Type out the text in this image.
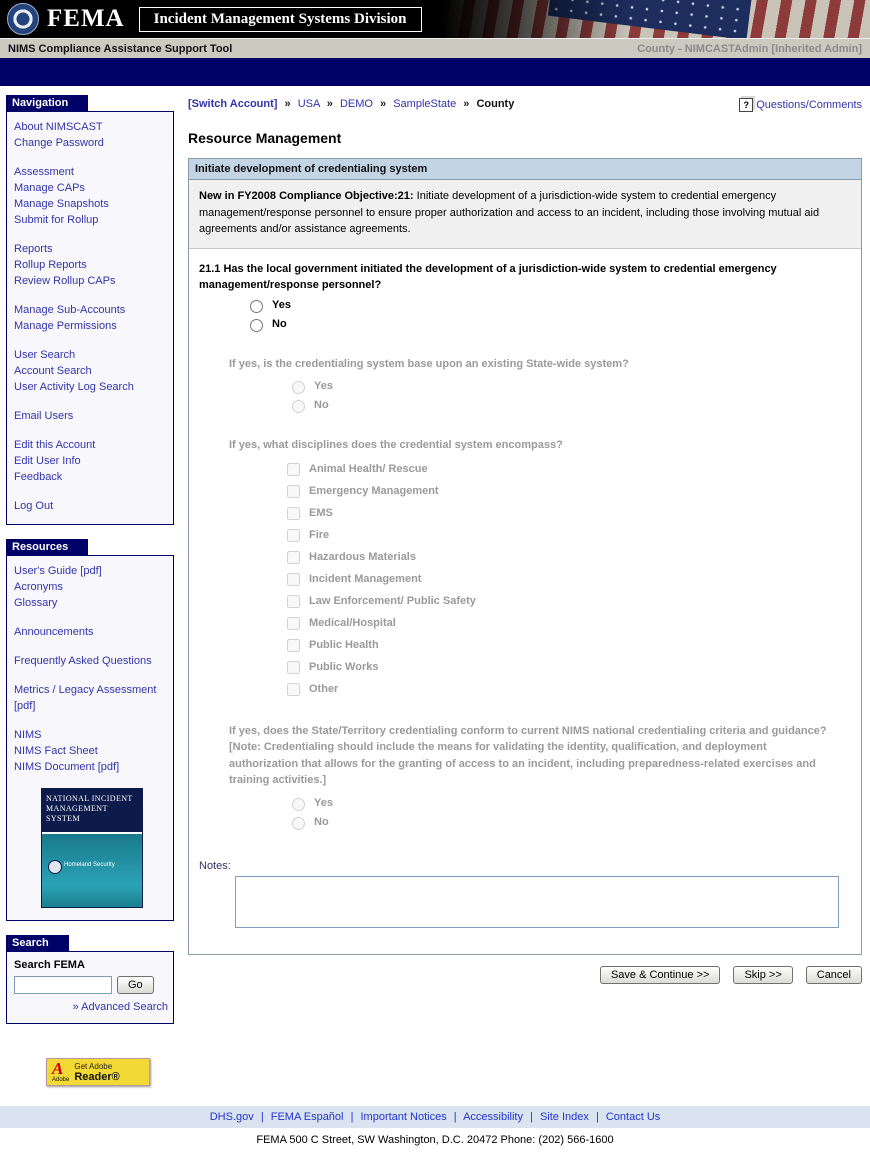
FEMA	Incident Management Systems Division
NIMS Compliance Assistance Support Tool	County - NIMCASTAdmin [Inherited Admin]
Navigation
About NIMSCAST
Change Password
Assessment
Manage CAPs
Manage Snapshots
Submit for Rollup
Reports
Rollup Reports
Review Rollup CAPs
Manage Sub-Accounts
Manage Permissions
User Search
Account Search
User Activity Log Search
Email Users
Edit this Account
Edit User Info
Feedback
Log Out
Resources
User's Guide [pdf]
Acronyms
Glossary
Announcements
Frequently Asked Questions
Metrics / Legacy Assessment [pdf]
NIMS
NIMS Fact Sheet
NIMS Document [pdf]
NATIONAL INCIDENT MANAGEMENT SYSTEM
Homeland Security
Search
Search FEMA
Go
» Advanced Search
A
Adobe
Get Adobe
Reader®
[Switch Account] » USA » DEMO » SampleState » County	? Questions/Comments
Resource Management
Initiate development of credentialing system
New in FY2008 Compliance Objective:21: Initiate development of a jurisdiction-wide system to credential emergency management/response personnel to ensure proper authorization and access to an incident, including those involving mutual aid agreements and/or assistance agreements.
21.1 Has the local government initiated the development of a jurisdiction-wide system to credential emergency management/response personnel?
Yes
No
If yes, is the credentialing system base upon an existing State-wide system?
Yes
No
If yes, what disciplines does the credential system encompass?
Animal Health/ Rescue
Emergency Management
EMS
Fire
Hazardous Materials
Incident Management
Law Enforcement/ Public Safety
Medical/Hospital
Public Health
Public Works
Other
If yes, does the State/Territory credentialing conform to current NIMS national credentialing criteria and guidance? [Note: Credentialing should include the means for validating the identity, qualification, and deployment authorization that allows for the granting of access to an incident, including preparedness-related exercises and training activities.]
Yes
No
Notes:
Save & Continue >>	Skip >>	Cancel
DHS.gov | FEMA Español | Important Notices | Accessibility | Site Index | Contact Us
FEMA 500 C Street, SW Washington, D.C. 20472 Phone: (202) 566-1600
